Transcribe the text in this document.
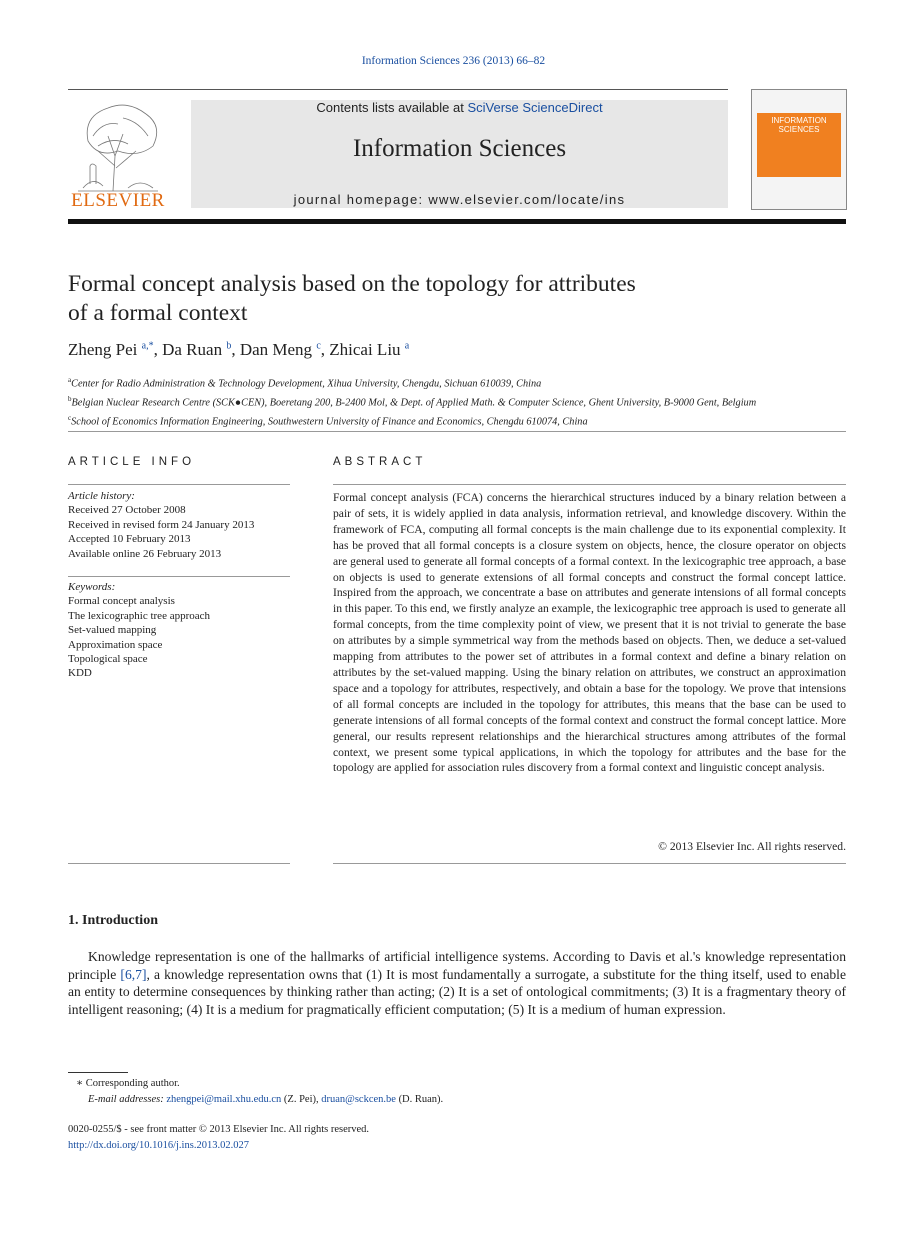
Information Sciences 236 (2013) 66–82
ELSEVIER
Contents lists available at SciVerse ScienceDirect
Information Sciences
journal homepage: www.elsevier.com/locate/ins
INFORMATION SCIENCES
Formal concept analysis based on the topology for attributes
of a formal context
Zheng Pei $^{a,*}$, Da Ruan $^b$, Dan Meng $^c$, Zhicai Liu $^a$
$^a$Center for Radio Administration & Technology Development, Xihua University, Chengdu, Sichuan 610039, China
$^b$Belgian Nuclear Research Centre (SCK●CEN), Boeretang 200, B-2400 Mol, & Dept. of Applied Math. & Computer Science, Ghent University, B-9000 Gent, Belgium
$^c$School of Economics Information Engineering, Southwestern University of Finance and Economics, Chengdu 610074, China
ARTICLE INFO	ABSTRACT
Article history:
Received 27 October 2008
Received in revised form 24 January 2013
Accepted 10 February 2013
Available online 26 February 2013
Keywords:
Formal concept analysis
The lexicographic tree approach
Set-valued mapping
Approximation space
Topological space
KDD
Formal concept analysis (FCA) concerns the hierarchical structures induced by a binary relation between a pair of sets, it is widely applied in data analysis, information retrieval, and knowledge discovery. Within the framework of FCA, computing all formal concepts is the main challenge due to its exponential complexity. It has be proved that all formal concepts is a closure system on objects, hence, the closure operator on objects are general used to generate all formal concepts of a formal context. In the lexicographic tree approach, a base on objects is used to generate extensions of all formal concepts and construct the formal concept lattice. Inspired from the approach, we concentrate a base on attributes and generate intensions of all formal concepts in this paper. To this end, we firstly analyze an example, the lexicographic tree approach is used to generate all formal concepts, from the time complexity point of view, we present that it is not trivial to generate the base on attributes by a simple symmetrical way from the methods based on objects. Then, we deduce a set-valued mapping from attributes to the power set of attributes in a formal context and define a binary relation on attributes by the set-valued mapping. Using the binary relation on attributes, we construct an approximation space and a topology for attributes, respectively, and obtain a base for the topology. We prove that intensions of all formal concepts are included in the topology for attributes, this means that the base can be used to generate intensions of all formal concepts of the formal context and construct the formal concept lattice. More general, our results represent relationships and the hierarchical structures among attributes of the formal context, we present some typical applications, in which the topology for attributes and the base for the topology are applied for association rules discovery from a formal context and linguistic concept analysis.
© 2013 Elsevier Inc. All rights reserved.
1. Introduction
Knowledge representation is one of the hallmarks of artificial intelligence systems. According to Davis et al.'s knowledge representation principle [6,7], a knowledge representation owns that (1) It is most fundamentally a surrogate, a substitute for the thing itself, used to enable an entity to determine consequences by thinking rather than acting; (2) It is a set of ontological commitments; (3) It is a fragmentary theory of intelligent reasoning; (4) It is a medium for pragmatically efficient computation; (5) It is a medium of human expression.
∗ Corresponding author.
E-mail addresses: zhengpei@mail.xhu.edu.cn (Z. Pei), druan@sckcen.be (D. Ruan).
0020-0255/$ - see front matter © 2013 Elsevier Inc. All rights reserved.
http://dx.doi.org/10.1016/j.ins.2013.02.027
